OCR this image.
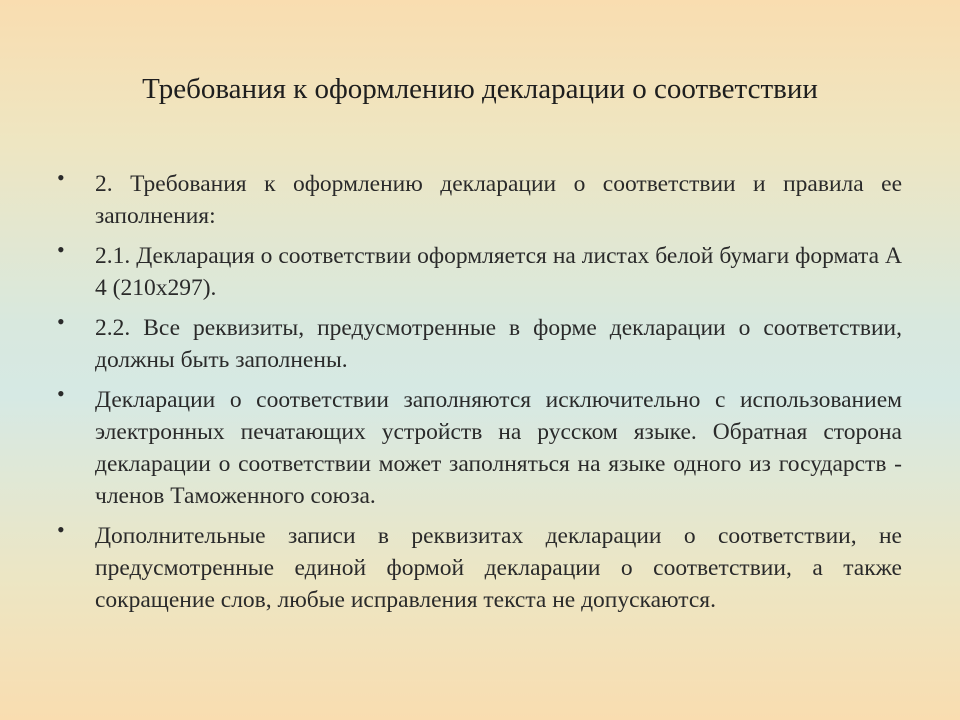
Требования к оформлению декларации о соответствии
• 2. Требования к оформлению декларации о соответствии и правила ее заполнения:
• 2.1. Декларация о соответствии оформляется на листах белой бумаги формата А 4 (210х297).
• 2.2. Все реквизиты, предусмотренные в форме декларации о соответствии, должны быть заполнены.
• Декларации о соответствии заполняются исключительно с использованием электронных печатающих устройств на русском языке. Обратная сторона декларации о соответствии может заполняться на языке одного из государств - членов Таможенного союза.
• Дополнительные записи в реквизитах декларации о соответствии, не предусмотренные единой формой декларации о соответствии, а также сокращение слов, любые исправления текста не допускаются.
